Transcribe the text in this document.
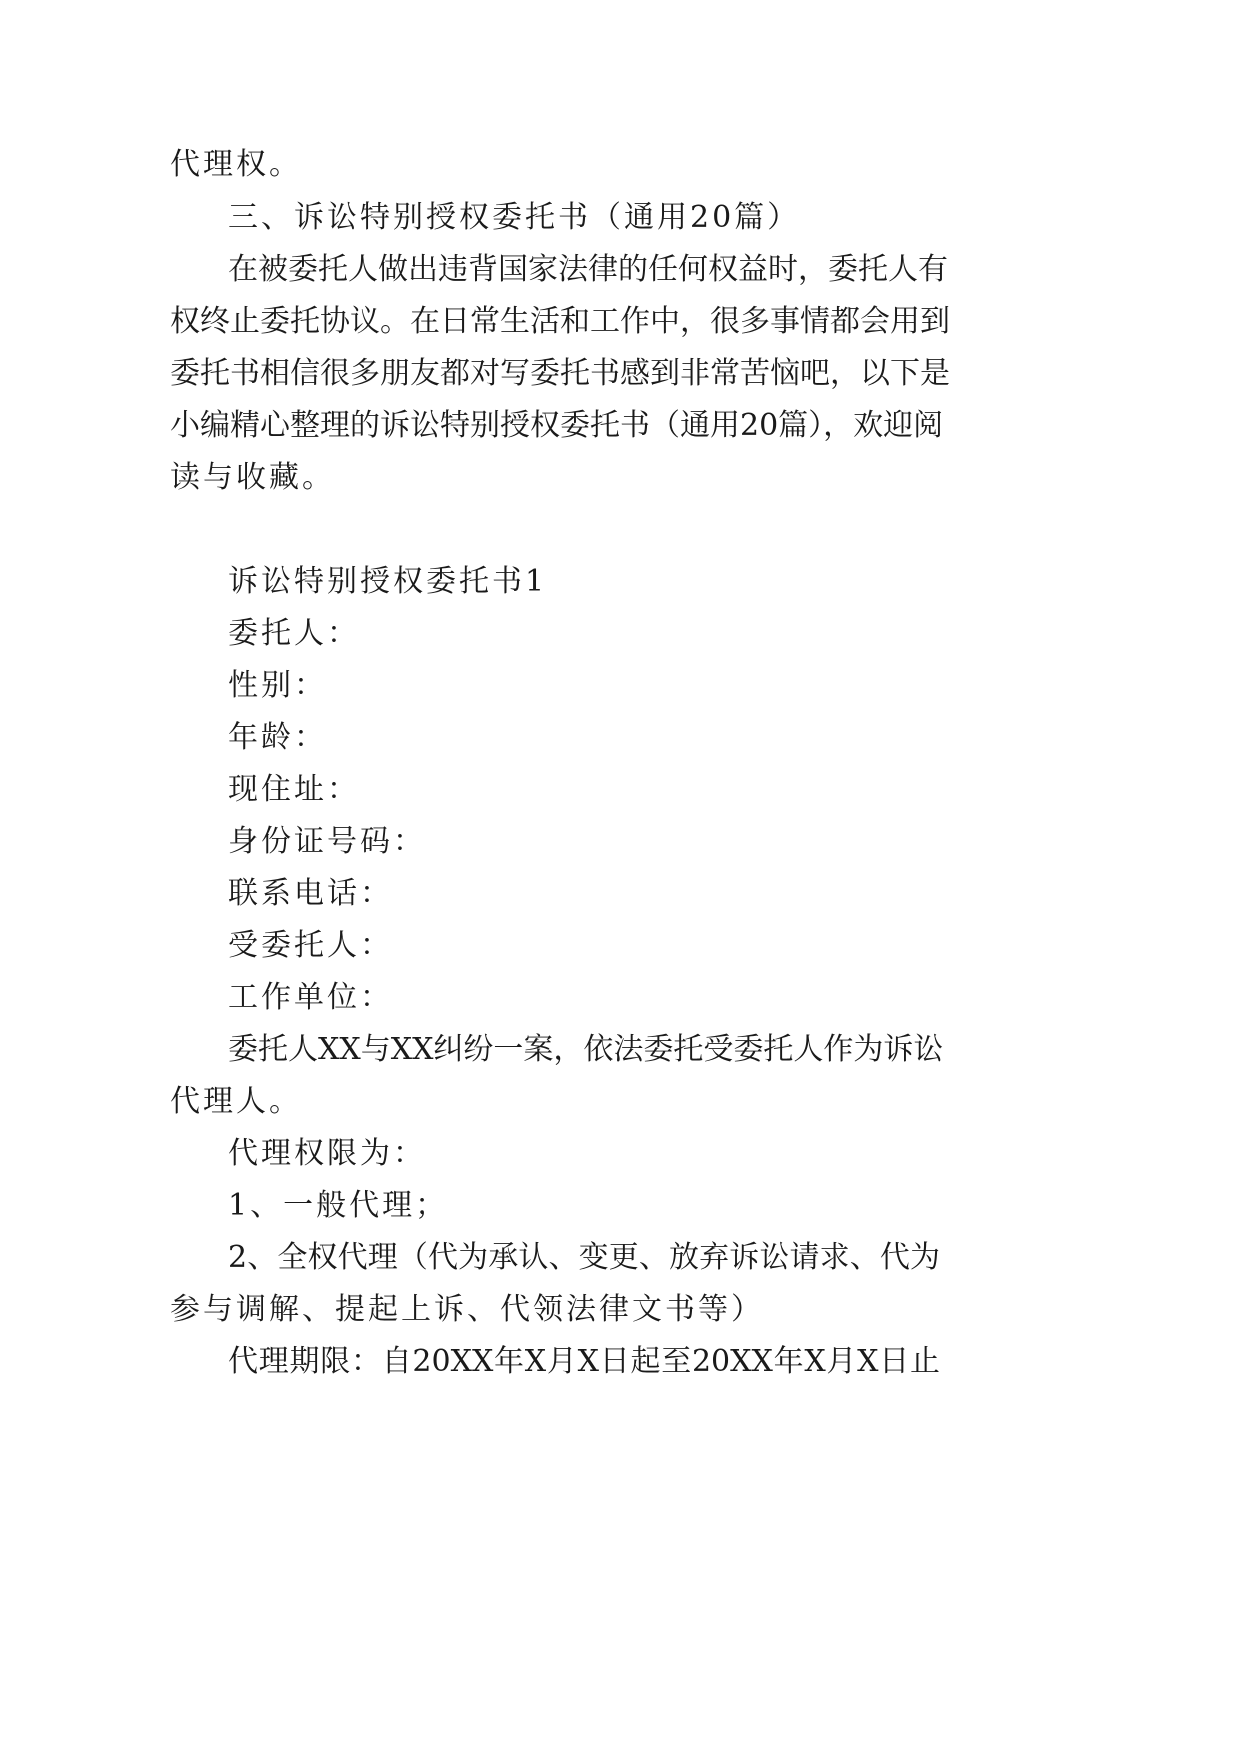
代理权。
三、诉讼特别授权委托书（通用20篇）
在被委托人做出违背国家法律的任何权益时，委托人有
权终止委托协议。在日常生活和工作中，很多事情都会用到
委托书相信很多朋友都对写委托书感到非常苦恼吧，以下是
小编精心整理的诉讼特别授权委托书（通用20篇），欢迎阅
读与收藏。
诉讼特别授权委托书1
委托人：
性别：
年龄：
现住址：
身份证号码：
联系电话：
受委托人：
工作单位：
委托人XX与XX纠纷一案，依法委托受委托人作为诉讼
代理人。
代理权限为：
1、一般代理；
2、全权代理（代为承认、变更、放弃诉讼请求、代为
参与调解、提起上诉、代领法律文书等）
代理期限：自20XX年X月X日起至20XX年X月X日止
